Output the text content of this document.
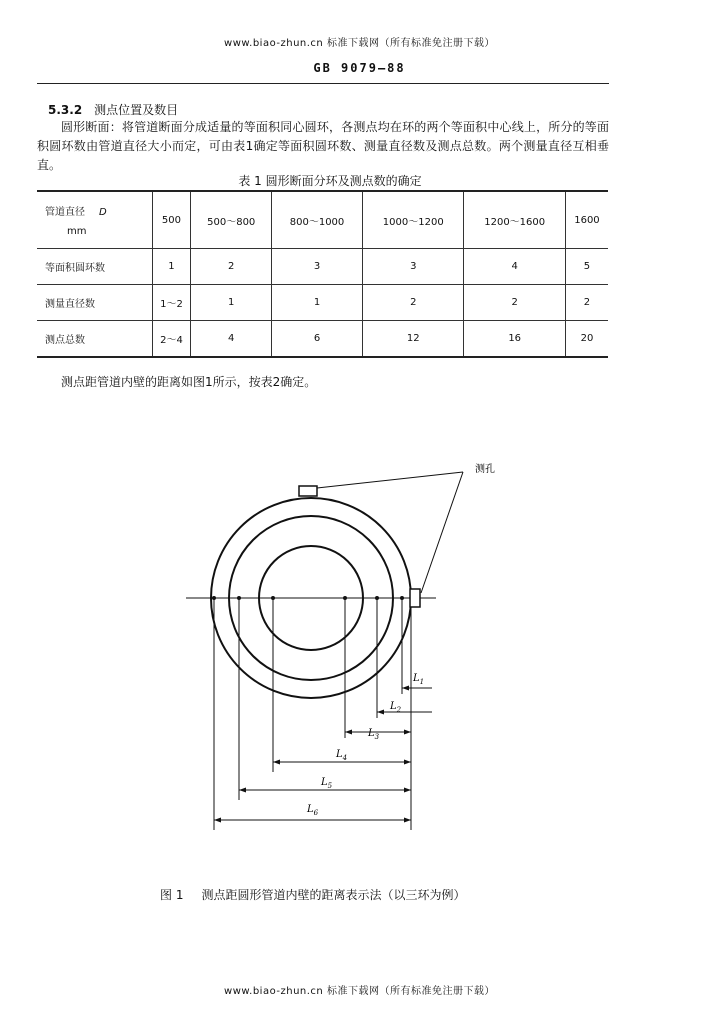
www.biao-zhun.cn 标准下载网（所有标准免注册下载）
GB 9079—88
5.3.2 测点位置及数目
圆形断面：将管道断面分成适量的等面积同心圆环，各测点均在环的两个等面积中心线上，所分的等面积圆环数由管道直径大小而定，可由表1确定等面积圆环数、测量直径数及测点总数。两个测量直径互相垂直。
表 1 圆形断面分环及测点数的确定
管道直径 D
mm	500	500～800	800～1000	1000～1200	1200～1600	1600
等面积圆环数	1	2	3	3	4	5
测量直径数	1～2	1	1	2	2	2
测点总数	2～4	4	6	12	16	20
测点距管道内壁的距离如图1所示，按表2确定。
测孔
$L_1$
$L_2$
$L_3$
$L_4$
$L_5$
$L_6$
图 1 测点距圆形管道内壁的距离表示法（以三环为例）
www.biao-zhun.cn 标准下载网（所有标准免注册下载）
